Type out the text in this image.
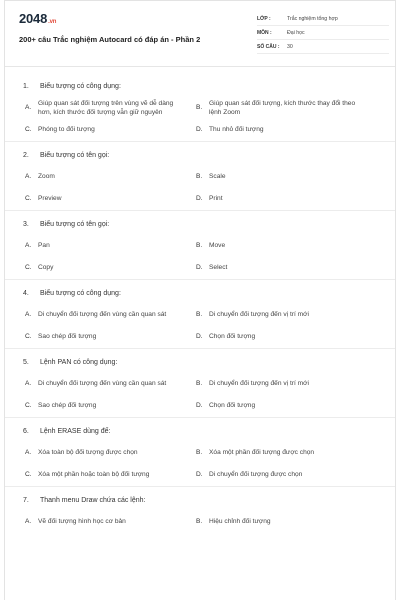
2048.vn
200+ câu Trắc nghiệm Autocard có đáp án - Phần 2
LỚP :	Trắc nghiệm tổng hợp
MÔN :	Đại học
SỐ CÂU :	30
1.	Biểu tượng có công dụng:
A.
Giúp quan sát đối tượng trên vùng vẽ dễ dàng hơn, kích thước đối tượng vẫn giữ nguyên
B.
Giúp quan sát đối tượng, kích thước thay đổi theo lệnh Zoom
C. Phóng to đối tượng	D. Thu nhỏ đối tượng
2.	Biểu tượng có tên gọi:
A.	Zoom	B.	Scale
C. Preview	D. Print
3.	Biểu tượng có tên gọi:
A.	Pan	B.	Move
C. Copy	D. Select
4.	Biểu tượng có công dụng:
A.	Di chuyển đối tượng đến vùng cần quan sát	B.	Di chuyển đối tượng đến vị trí mới
C. Sao chép đối tượng	D. Chọn đối tượng
5.	Lệnh PAN có công dụng:
A.	Di chuyển đối tượng đến vùng cần quan sát	B.	Di chuyển đối tượng đến vị trí mới
C. Sao chép đối tượng	D. Chọn đối tượng
6.	Lệnh ERASE dùng để:
A.	Xóa toàn bộ đối tượng được chọn	B.	Xóa một phần đối tượng được chọn
C. Xóa một phần hoặc toàn bộ đối tượng	D. Di chuyển đối tượng được chọn
7.	Thanh menu Draw chứa các lệnh:
A.	Vẽ đối tượng hình học cơ bản	B.	Hiệu chỉnh đối tượng
